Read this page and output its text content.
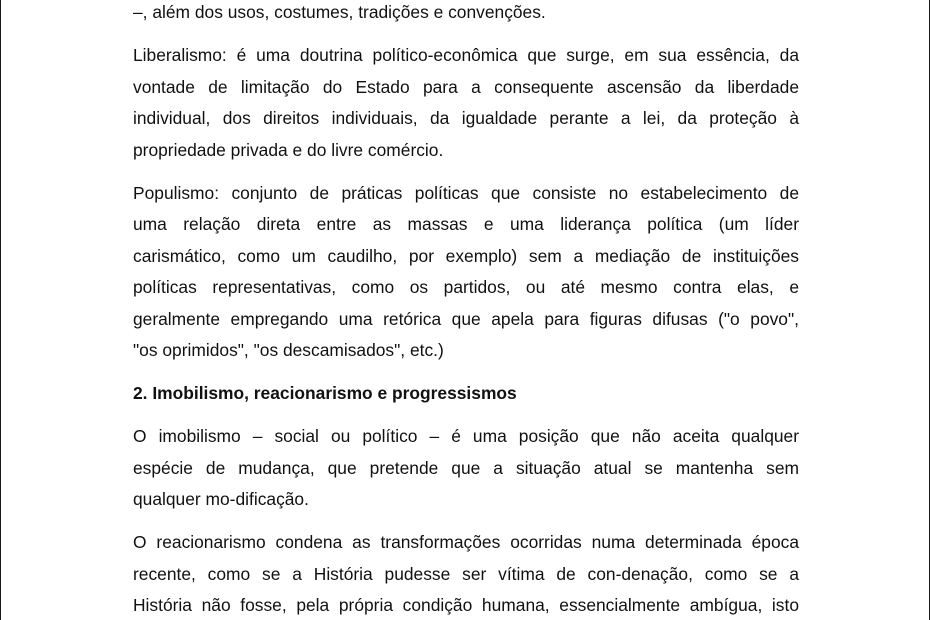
–, além dos usos, costumes, tradições e convenções.
Liberalismo: é uma doutrina político-econômica que surge, em sua essência, da
vontade de limitação do Estado para a consequente ascensão da liberdade
individual, dos direitos individuais, da igualdade perante a lei, da proteção à
propriedade privada e do livre comércio.
Populismo: conjunto de práticas políticas que consiste no estabelecimento de
uma relação direta entre as massas e uma liderança política (um líder
carismático, como um caudilho, por exemplo) sem a mediação de instituições
políticas representativas, como os partidos, ou até mesmo contra elas, e
geralmente empregando uma retórica que apela para figuras difusas ("o povo",
"os oprimidos", "os descamisados", etc.)
2. Imobilismo, reacionarismo e progressismos
O imobilismo – social ou político – é uma posição que não aceita qualquer
espécie de mudança, que pretende que a situação atual se mantenha sem
qualquer mo-dificação.
O reacionarismo condena as transformações ocorridas numa determinada época
recente, como se a História pudesse ser vítima de con-denação, como se a
História não fosse, pela própria condição humana, essencialmente ambígua, isto
